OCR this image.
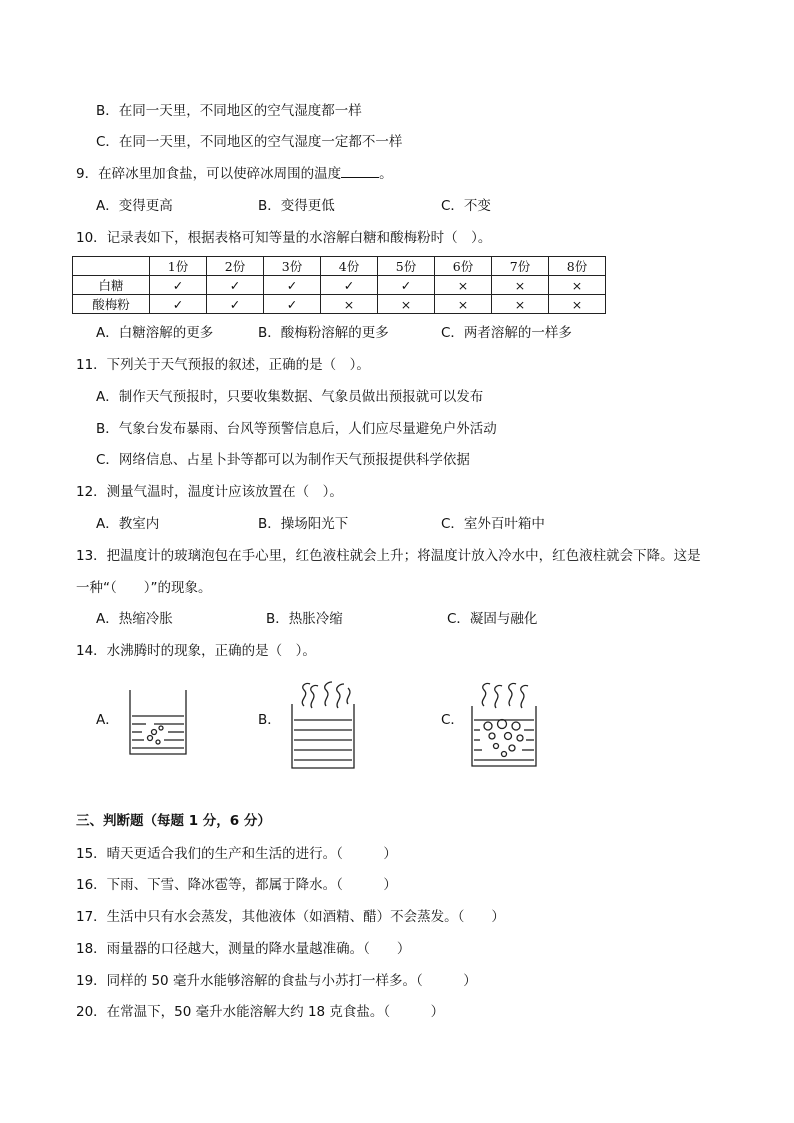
B．在同一天里，不同地区的空气湿度都一样
C．在同一天里，不同地区的空气湿度一定都不一样
9．在碎冰里加食盐，可以使碎冰周围的温度	。
A．变得更高	B．变得更低	C．不变
10．记录表如下，根据表格可知等量的水溶解白糖和酸梅粉时（　）。
	1份	2份	3份	4份	5份	6份	7份	8份
白糖	✓	✓	✓	✓	✓	×	×	×
酸梅粉	✓	✓	✓	×	×	×	×	×
A．白糖溶解的更多	B．酸梅粉溶解的更多	C．两者溶解的一样多
11．下列关于天气预报的叙述，正确的是（　）。
A．制作天气预报时，只要收集数据、气象员做出预报就可以发布
B．气象台发布暴雨、台风等预警信息后，人们应尽量避免户外活动
C．网络信息、占星卜卦等都可以为制作天气预报提供科学依据
12．测量气温时，温度计应该放置在（　）。
A．教室内	B．操场阳光下	C．室外百叶箱中
13．把温度计的玻璃泡包在手心里，红色液柱就会上升；将温度计放入冷水中，红色液柱就会下降。这是
一种“（　　）”的现象。
A．热缩冷胀	B．热胀冷缩	C．凝固与融化
14．水沸腾时的现象，正确的是（　）。
A．	B．	C．
三、判断题（每题 1 分，6 分）
15．晴天更适合我们的生产和生活的进行。（　　　）
16．下雨、下雪、降冰雹等，都属于降水。（　　　）
17．生活中只有水会蒸发，其他液体（如酒精、醋）不会蒸发。（　　）
18．雨量器的口径越大，测量的降水量越准确。（　　）
19．同样的 50 毫升水能够溶解的食盐与小苏打一样多。（　　　）
20．在常温下，50 毫升水能溶解大约 18 克食盐。（　　　）
